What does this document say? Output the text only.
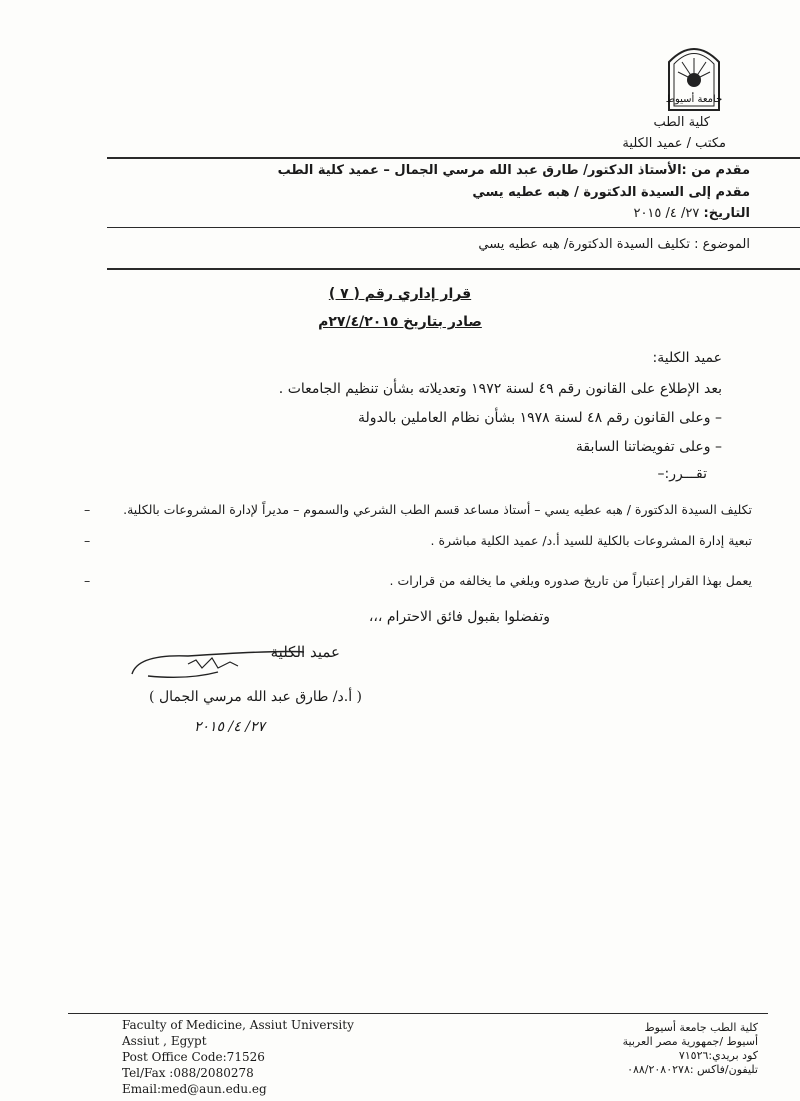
جامعة أسيوط
كلية الطب
مكتب / عميد الكلية
مقدم من :الأستاذ الدكتور/ طارق عبد الله مرسي الجمال – عميد كلية الطب
مقدم إلى السيدة الدكتورة / هبه عطيه يسي
التاريخ: ٢٧/ ٤/ ٢٠١٥
الموضوع : تكليف السيدة الدكتورة/ هبه عطيه يسي
قرار إداري رقم ( ٧ )
صادر بتاريخ ٢٧/٤/٢٠١٥م
عميد الكلية:
بعد الإطلاع على القانون رقم ٤٩ لسنة ١٩٧٢ وتعديلاته بشأن تنظيم الجامعات .
– وعلى القانون رقم ٤٨ لسنة ١٩٧٨ بشأن نظام العاملين بالدولة
– وعلى تفويضاتنا السابقة
تقـــرر:–
–	تكليف السيدة الدكتورة / هبه عطيه يسي – أستاذ مساعد قسم الطب الشرعي والسموم – مديراً لإدارة المشروعات بالكلية.
–	تبعية إدارة المشروعات بالكلية للسيد أ.د/ عميد الكلية مباشرة .
–	يعمل بهذا القرار إعتباراً من تاريخ صدوره ويلغي ما يخالفه من قرارات .
وتفضلوا بقبول فائق الاحترام ،،،
عميد الكلية
( أ.د/ طارق عبد الله مرسي الجمال )
٢٧/ ٤/ ٢٠١٥
Faculty of Medicine, Assiut University
Assiut , Egypt
Post Office Code:71526
Tel/Fax :088/2080278
Email:med@aun.edu.eg
كلية الطب جامعة أسيوط
أسيوط /جمهورية مصر العربية
كود بريدي:٧١٥٢٦
تليفون/فاكس :٠٨٨/٢٠٨٠٢٧٨
